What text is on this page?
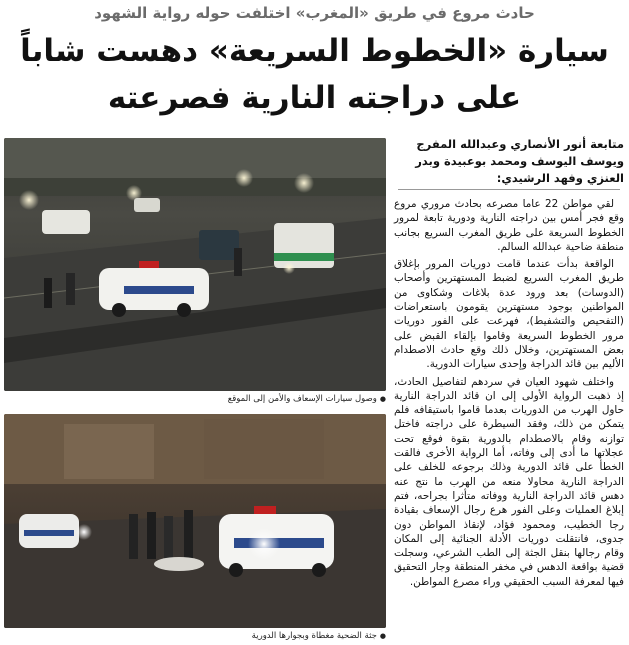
حادث مروع في طريق «المغرب» اختلفت حوله رواية الشهود
سيارة «الخطوط السريعة» دهست شاباً
على دراجته النارية فصرعته
●وصول سيارات الإسعاف والأمن إلى الموقع
●جثة الضحية مغطاة وبجوارها الدورية
متابعة أنور الأنصاري وعبدالله المفرج ويوسف اليوسف ومحمد بوعبيدة وبدر العنزي وفهد الرشيدي:

لقي مواطن 22 عاما مصرعه بحادث مروري مروع وقع فجر أمس بين دراجته النارية ودورية تابعة لمرور الخطوط السريعة على طريق المغرب السريع بجانب منطقة ضاحية عبدالله السالم.

الواقعة بدأت عندما قامت دوريات المرور بإغلاق طريق المغرب السريع لضبط المستهترين وأصحاب (الدوسات) بعد ورود عدة بلاغات وشكاوى من المواطنين بوجود مستهترين يقومون باستعراضات (التفحيص والتشفيط)، فهرعت على الفور دوريات مرور الخطوط السريعة وقاموا بإلقاء القبض على بعض المستهترين، وخلال ذلك وقع حادث الاصطدام الأليم بين قائد الدراجة وإحدى سيارات الدورية.

واختلف شهود العيان في سردهم لتفاصيل الحادث، إذ ذهبت الرواية الأولى إلى ان قائد الدراجة النارية حاول الهرب من الدوريات بعدما قاموا باستيقافه فلم يتمكن من ذلك، وفقد السيطرة على دراجته فاختل توازنه وقام بالاصطدام بالدورية بقوة فوقع تحت عجلاتها ما أدى إلى وفاته، أما الرواية الأخرى فالقت الخطأ على قائد الدورية وذلك برجوعه للخلف على الدراجة النارية محاولا منعه من الهرب ما نتج عنه دهس قائد الدراجة النارية ووفاته متأثرا بجراحه، فتم إبلاغ العمليات وعلى الفور هرع رجال الإسعاف بقيادة رجا الخطيب، ومحمود فؤاد، لإنقاذ المواطن دون جدوى، فانتقلت دوريات الأدلة الجنائية إلى المكان وقام رجالها بنقل الجثة إلى الطب الشرعي، وسجلت قضية بواقعة الدهس في مخفر المنطقة وجار التحقيق فيها لمعرفة السبب الحقيقي وراء مصرع المواطن.
